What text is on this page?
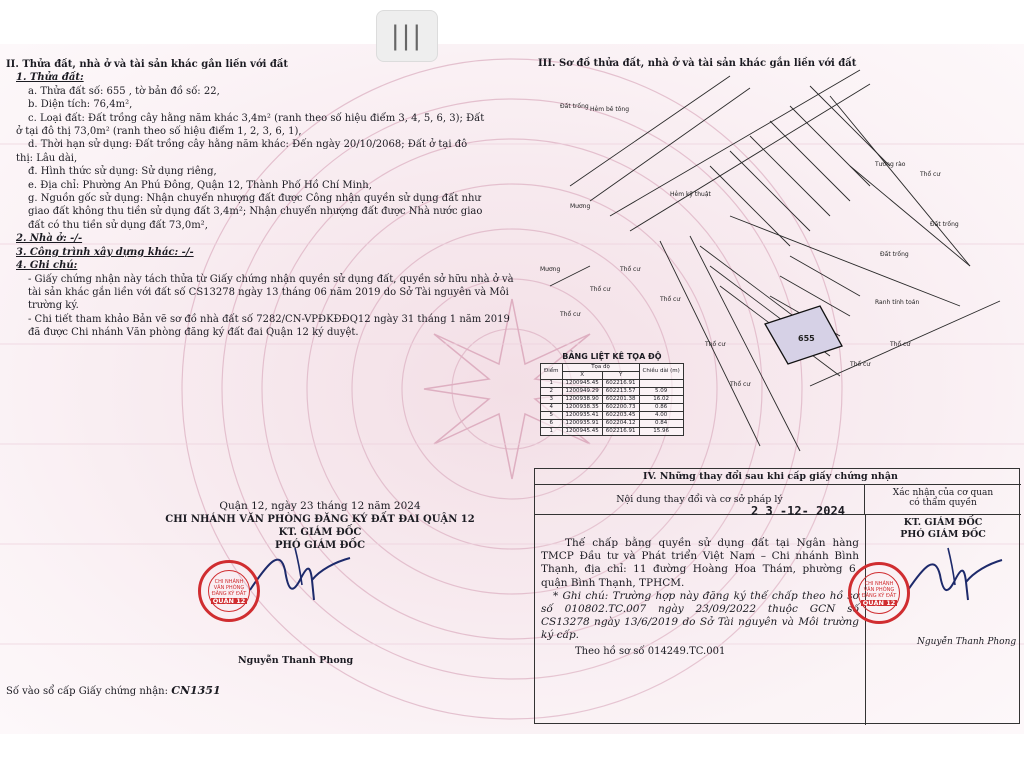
|||
II. Thửa đất, nhà ở và tài sản khác gắn liền với đất
1. Thửa đất:
a. Thửa đất số: 655 , tờ bản đồ số: 22,
b. Diện tích: 76,4m²,
c. Loại đất: Đất trồng cây hằng năm khác 3,4m² (ranh theo số hiệu điểm 3, 4, 5, 6, 3); Đất
ở tại đô thị 73,0m² (ranh theo số hiệu điểm 1, 2, 3, 6, 1),
d. Thời hạn sử dụng: Đất trồng cây hằng năm khác: Đến ngày 20/10/2068; Đất ở tại đô
thị: Lâu dài,
đ. Hình thức sử dụng: Sử dụng riêng,
e. Địa chỉ: Phường An Phú Đông, Quận 12, Thành Phố Hồ Chí Minh,
g. Nguồn gốc sử dụng: Nhận chuyển nhượng đất được Công nhận quyền sử dụng đất như
giao đất không thu tiền sử dụng đất 3,4m²; Nhận chuyển nhượng đất được Nhà nước giao
đất có thu tiền sử dụng đất 73,0m²,
2. Nhà ở: -/-
3. Công trình xây dựng khác: -/-
4. Ghi chú:
- Giấy chứng nhận này tách thửa từ Giấy chứng nhận quyền sử dụng đất, quyền sở hữu nhà ở và tài sản khác gắn liền với đất số CS13278 ngày 13 tháng 06 năm 2019 do Sở Tài nguyên và Môi trường ký.
- Chi tiết tham khảo Bản vẽ sơ đồ nhà đất số 7282/CN-VPĐKĐĐQ12 ngày 31 tháng 1 năm 2019 đã được Chi nhánh Văn phòng đăng ký đất đai Quận 12 ký duyệt.
Quận 12, ngày 23 tháng 12 năm 2024
CHI NHÁNH VĂN PHÒNG ĐĂNG KÝ ĐẤT ĐAI QUẬN 12
KT. GIÁM ĐỐC
PHÓ GIÁM ĐỐC
CHI NHÁNH
VĂN PHÒNG
ĐĂNG KÝ ĐẤT
QUẬN 12
Nguyễn Thanh Phong
Số vào sổ cấp Giấy chứng nhận: CN1351
III. Sơ đồ thửa đất, nhà ở và tài sản khác gắn liền với đất
655
Đất trống
Đất trống
Đất trống
Thổ cư
Thổ cư
Thổ cư
Thổ cư
Thổ cư
Thổ cư
Thổ cư
Thổ cư
Thổ cư
Mương
Mương
Tường rào
Hẻm kỹ thuật
Hẻm bê tông
Ranh tính toán
BẢNG LIỆT KÊ TỌA ĐỘ
Điểm	Tọa độ		Chiều dài (m)
	X	Y	
1	1200945.45	602216.91	
2	1200949.29	602213.57	5.09
3	1200938.90	602201.38	16.02
4	1200938.35	602200.73	0.86
5	1200935.41	602203.45	4.00
6	1200935.91	602204.12	0.84
1	1200945.45	602216.91	15.96
IV. Những thay đổi sau khi cấp giấy chứng nhận
Nội dung thay đổi và cơ sở pháp lý
Xác nhận của cơ quan
có thẩm quyền
2 3 -12- 2024
Thế chấp bằng quyền sử dụng đất tại Ngân hàng TMCP Đầu tư và Phát triển Việt Nam – Chi nhánh Bình Thạnh, địa chỉ: 11 đường Hoàng Hoa Thám, phường 6, quận Bình Thạnh, TPHCM.
* Ghi chú: Trường hợp này đăng ký thế chấp theo hồ sơ số 010802.TC.007 ngày 23/09/2022 thuộc GCN số CS13278 ngày 13/6/2019 do Sở Tài nguyên và Môi trường ký cấp.
Theo hồ sơ số 014249.TC.001
KT. GIÁM ĐỐC
PHÓ GIÁM ĐỐC
Nguyễn Thanh Phong
CHI NHÁNH
VĂN PHÒNG
ĐĂNG KÝ ĐẤT
QUẬN 12
